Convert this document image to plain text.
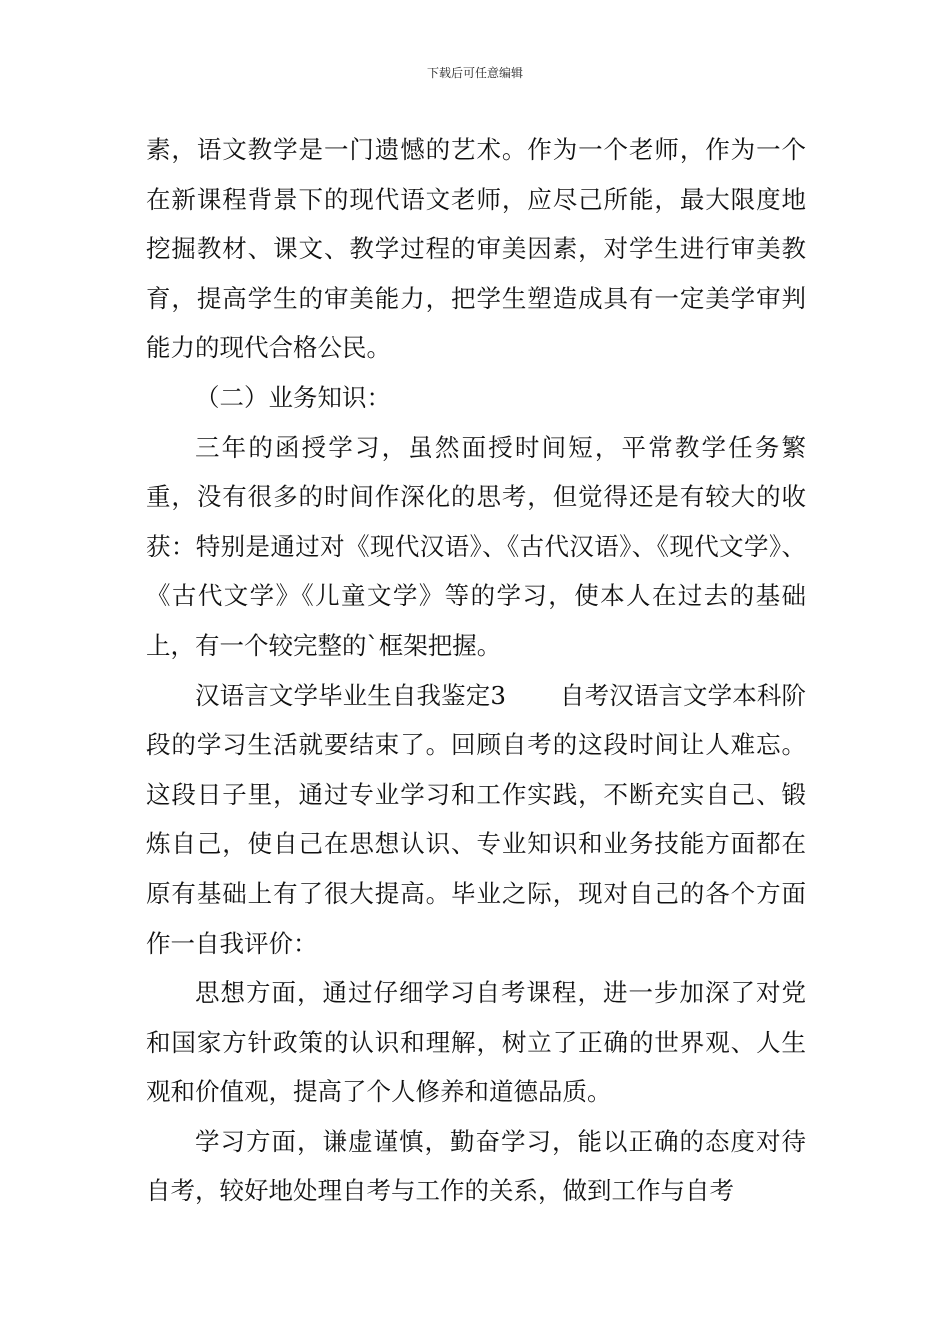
下载后可任意编辑

素，语文教学是一门遗憾的艺术。作为一个老师，作为一个在新课程背景下的现代语文老师，应尽己所能，最大限度地挖掘教材、课文、教学过程的审美因素，对学生进行审美教育，提高学生的审美能力，把学生塑造成具有一定美学审判能力的现代合格公民。

（二）业务知识：

三年的函授学习，虽然面授时间短，平常教学任务繁重，没有很多的时间作深化的思考，但觉得还是有较大的收获：特别是通过对《现代汉语》、《古代汉语》、《现代文学》、《古代文学》《儿童文学》等的学习，使本人在过去的基础上，有一个较完整的`框架把握。

汉语言文学毕业生自我鉴定3 自考汉语言文学本科阶段的学习生活就要结束了。回顾自考的这段时间让人难忘。这段日子里，通过专业学习和工作实践，不断充实自己、锻炼自己，使自己在思想认识、专业知识和业务技能方面都在原有基础上有了很大提高。毕业之际，现对自己的各个方面作一自我评价：

思想方面，通过仔细学习自考课程，进一步加深了对党和国家方针政策的认识和理解，树立了正确的世界观、人生观和价值观，提高了个人修养和道德品质。

学习方面，谦虚谨慎，勤奋学习，能以正确的态度对待自考，较好地处理自考与工作的关系，做到工作与自考
